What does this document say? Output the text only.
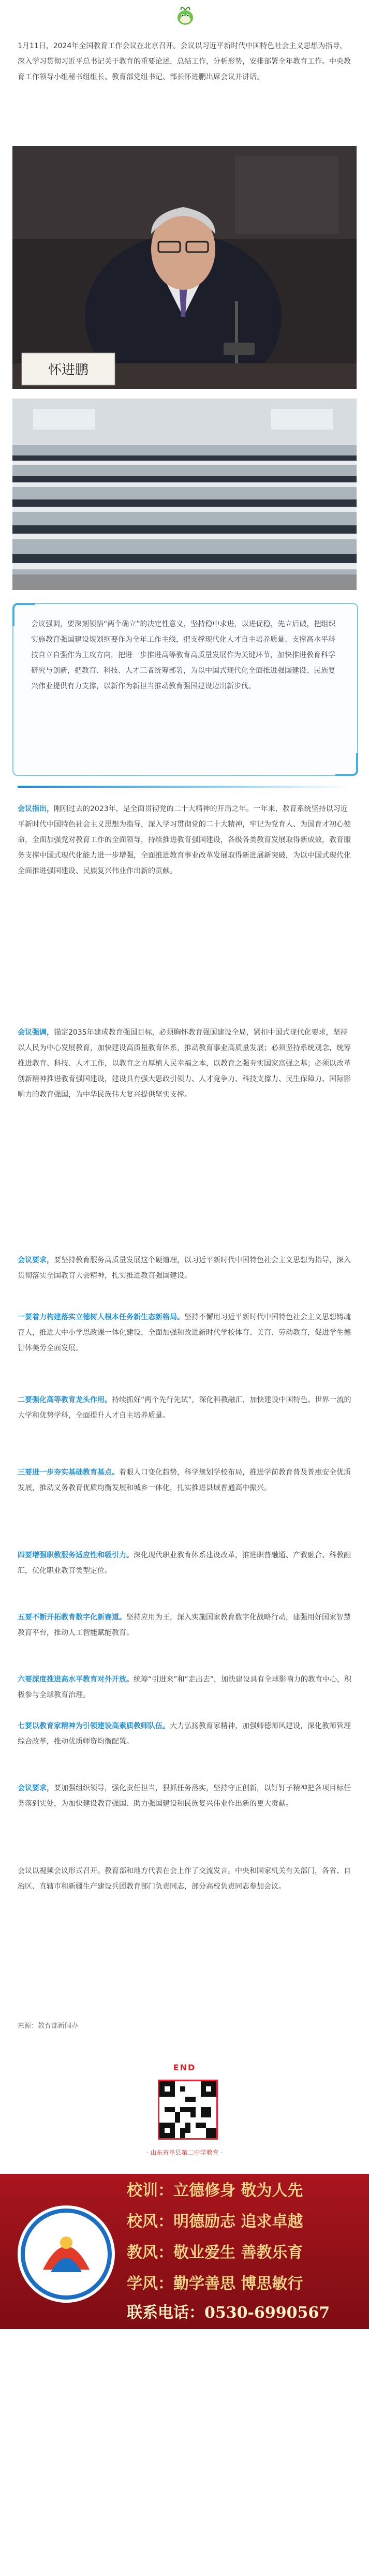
1月11日，2024年全国教育工作会议在北京召开。会议以习近平新时代中国特色社会主义思想为指导，深入学习贯彻习近平总书记关于教育的重要论述，总结工作，分析形势，安排部署全年教育工作。中央教育工作领导小组秘书组组长、教育部党组书记、部长怀进鹏出席会议并讲话。
怀进鹏
会议强调，要深刻领悟“两个确立”的决定性意义，坚持稳中求进，以进促稳，先立后破，把组织实施教育强国建设规划纲要作为全年工作主线，把支撑现代化人才自主培养质量、支撑高水平科技自立自强作为主攻方向，把进一步推进高等教育高质量发展作为关键环节，加快推进教育科学研究与创新，把教育、科技、人才三者统筹部署，为以中国式现代化全面推进强国建设、民族复兴伟业提供有力支撑，以新作为新担当推动教育强国建设迈出新步伐。
会议指出，刚刚过去的2023年，是全面贯彻党的二十大精神的开局之年。一年来，教育系统坚持以习近平新时代中国特色社会主义思想为指导，深入学习贯彻党的二十大精神，牢记为党育人、为国育才初心使命，全面加强党对教育工作的全面领导，持续推进教育强国建设，各级各类教育发展取得新成效，教育服务支撑中国式现代化能力进一步增强，全面推进教育事业改革发展取得新进展新突破，为以中国式现代化全面推进强国建设、民族复兴伟业作出新的贡献。
会议强调，锚定2035年建成教育强国目标，必须胸怀教育强国建设全局，紧扣中国式现代化要求，坚持以人民为中心发展教育，加快建设高质量教育体系，推动教育事业高质量发展；必须坚持系统观念，统筹推进教育、科技、人才工作，以教育之力厚植人民幸福之本，以教育之强夯实国家富强之基；必须以改革创新精神推进教育强国建设，建设具有强大思政引领力、人才竞争力、科技支撑力、民生保障力、国际影响力的教育强国，为中华民族伟大复兴提供坚实支撑。
会议要求，要坚持教育服务高质量发展这个硬道理，以习近平新时代中国特色社会主义思想为指导，深入贯彻落实全国教育大会精神，扎实推进教育强国建设。
一要着力构建落实立德树人根本任务新生态新格局。坚持不懈用习近平新时代中国特色社会主义思想铸魂育人，推进大中小学思政课一体化建设，全面加强和改进新时代学校体育、美育、劳动教育，促进学生德智体美劳全面发展。
二要强化高等教育龙头作用。持续抓好“两个先行先试”，深化科教融汇，加快建设中国特色、世界一流的大学和优势学科，全面提升人才自主培养质量。
三要进一步夯实基础教育基点。着眼人口变化趋势，科学规划学校布局，推进学前教育普及普惠安全优质发展，推动义务教育优质均衡发展和城乡一体化，扎实推进县域普通高中振兴。
四要增强职教服务适应性和吸引力。深化现代职业教育体系建设改革，推进职普融通、产教融合、科教融汇，优化职业教育类型定位。
五要不断开拓教育数字化新赛道。坚持应用为王，深入实施国家教育数字化战略行动，建强用好国家智慧教育平台，推动人工智能赋能教育。
六要深度推进高水平教育对外开放。统筹“引进来”和“走出去”，加快建设具有全球影响力的教育中心，积极参与全球教育治理。
七要以教育家精神为引领建设高素质教师队伍。大力弘扬教育家精神，加强师德师风建设，深化教师管理综合改革，推动优质师资均衡配置。
会议要求，要加强组织领导，强化责任担当，狠抓任务落实，坚持守正创新，以钉钉子精神把各项目标任务落到实处，为加快建设教育强国、助力强国建设和民族复兴伟业作出新的更大贡献。
会议以视频会议形式召开。教育部和地方代表在会上作了交流发言。中央和国家机关有关部门，各省、自治区、直辖市和新疆生产建设兵团教育部门负责同志，部分高校负责同志参加会议。
来源：教育部新闻办
END
- 山东省单县第二中学教育 -
校训：立德修身 敬为人先
校风：明德励志 追求卓越
教风：敬业爱生 善教乐育
学风：勤学善思 博思敏行
联系电话：0530-6990567
